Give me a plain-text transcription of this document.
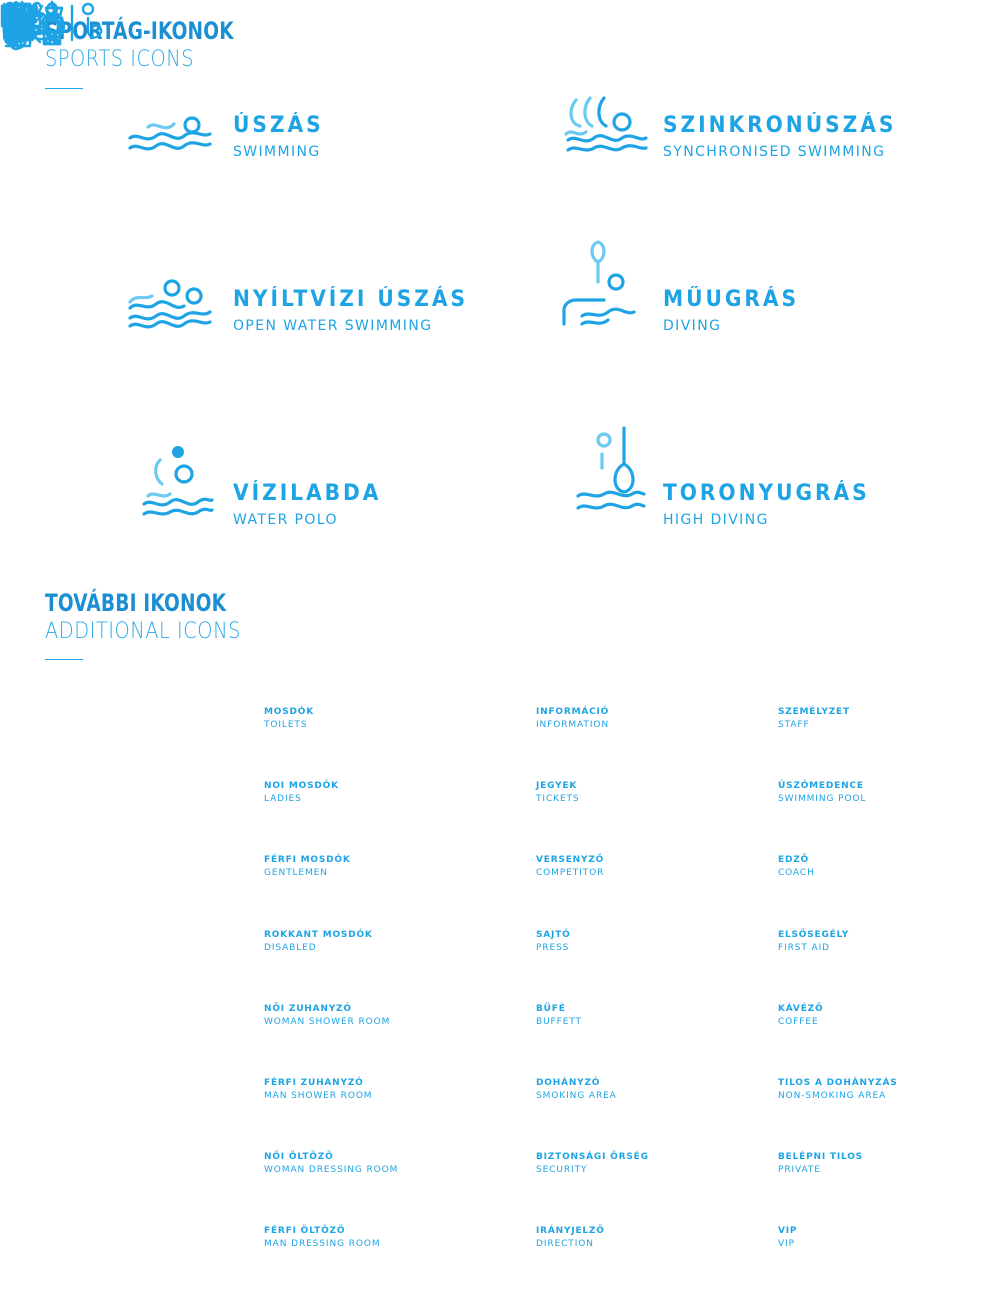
SPORTÁG-IKONOK
SPORTS ICONS
ÚSZÁS
SWIMMING
SZINKRONÚSZÁS
SYNCHRONISED SWIMMING
NYÍLTVÍZI ÚSZÁS
OPEN WATER SWIMMING
MŰUGRÁS
DIVING
VÍZILABDA
WATER POLO
TORONYUGRÁS
HIGH DIVING
TOVÁBBI IKONOK
ADDITIONAL ICONS
MOSDÓK
TOILETS
NOI MOSDÓK
LADIES
FÉRFI MOSDÓK
GENTLEMEN
ROKKANT MOSDÓK
DISABLED
NŐI ZUHANYZÓ
WOMAN SHOWER ROOM
FÉRFI ZUHANYZÓ
MAN SHOWER ROOM
NŐI ÖLTÖZŐ
WOMAN DRESSING ROOM
FÉRFI ÖLTÖZŐ
MAN DRESSING ROOM
INFORMÁCIÓ
INFORMATION
JEGYEK
TICKETS
VERSENYZŐ
COMPETITOR
SAJTÓ
PRESS
BÜFÉ
BUFFETT
DOHÁNYZÓ
SMOKING AREA
BIZTONSÁGI ŐRSÉG
SECURITY
IRÁNYJELZŐ
DIRECTION
SZEMÉLYZET
STAFF
ÚSZÓMEDENCE
SWIMMING POOL
EDZŐ
COACH
ELSŐSEGÉLY
FIRST AID
KÁVÉZŐ
COFFEE
TILOS A DOHÁNYZÁS
NON-SMOKING AREA
BELÉPNI TILOS
PRIVATE
VIP
VIP
